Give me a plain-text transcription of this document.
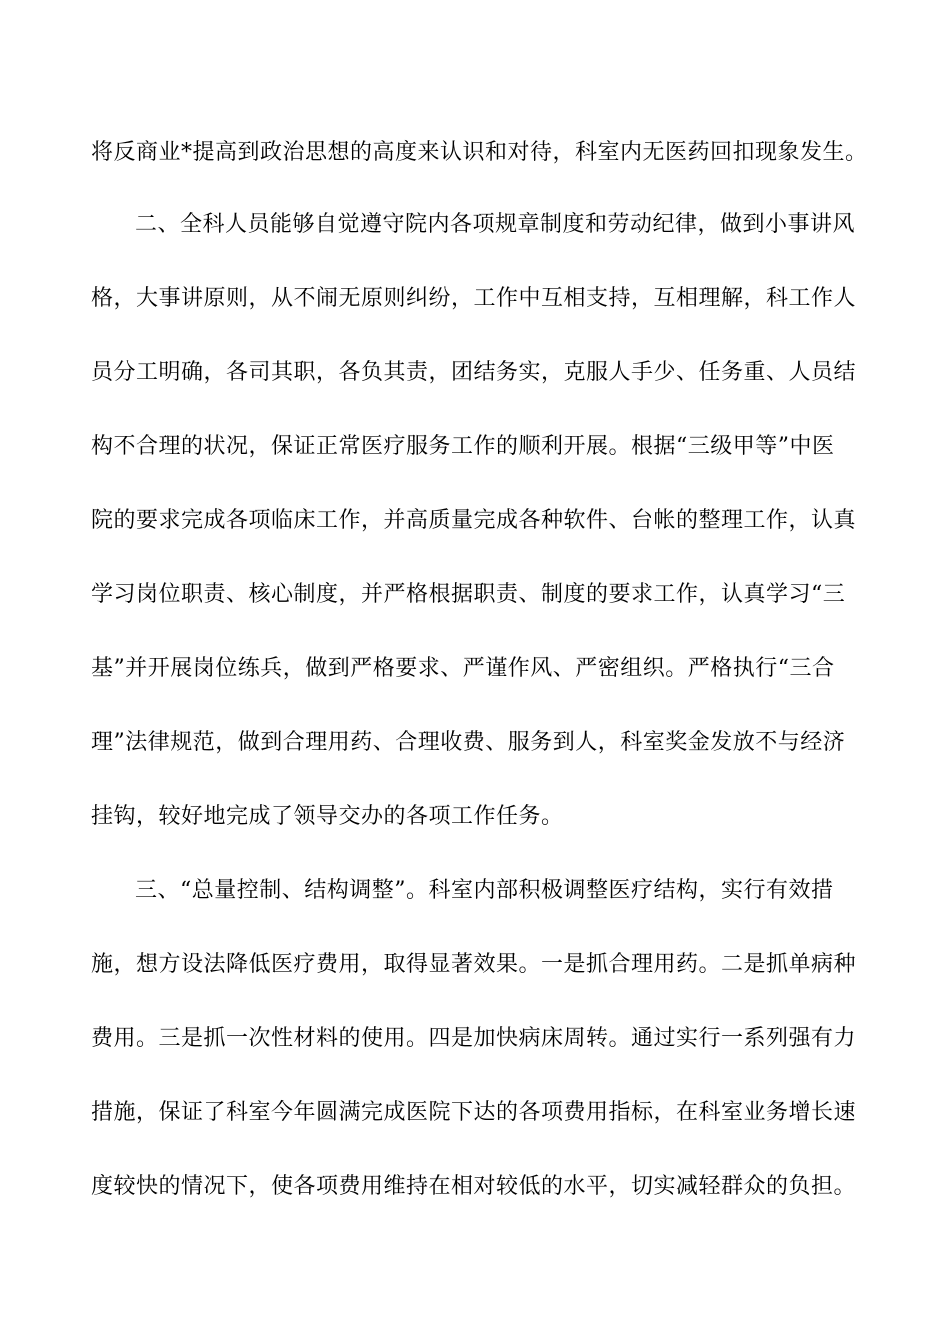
将反商业*提高到政治思想的高度来认识和对待，科室内无医药回扣现象发生。
二、全科人员能够自觉遵守院内各项规章制度和劳动纪律，做到小事讲风
格，大事讲原则，从不闹无原则纠纷，工作中互相支持，互相理解，科工作人
员分工明确，各司其职，各负其责，团结务实，克服人手少、任务重、人员结
构不合理的状况，保证正常医疗服务工作的顺利开展。根据“三级甲等”中医
院的要求完成各项临床工作，并高质量完成各种软件、台帐的整理工作，认真
学习岗位职责、核心制度，并严格根据职责、制度的要求工作，认真学习“三
基”并开展岗位练兵，做到严格要求、严谨作风、严密组织。严格执行“三合
理”法律规范，做到合理用药、合理收费、服务到人，科室奖金发放不与经济
挂钩，较好地完成了领导交办的各项工作任务。
三、“总量控制、结构调整”。科室内部积极调整医疗结构，实行有效措
施，想方设法降低医疗费用，取得显著效果。一是抓合理用药。二是抓单病种
费用。三是抓一次性材料的使用。四是加快病床周转。通过实行一系列强有力
措施，保证了科室今年圆满完成医院下达的各项费用指标，在科室业务增长速
度较快的情况下，使各项费用维持在相对较低的水平，切实减轻群众的负担。
